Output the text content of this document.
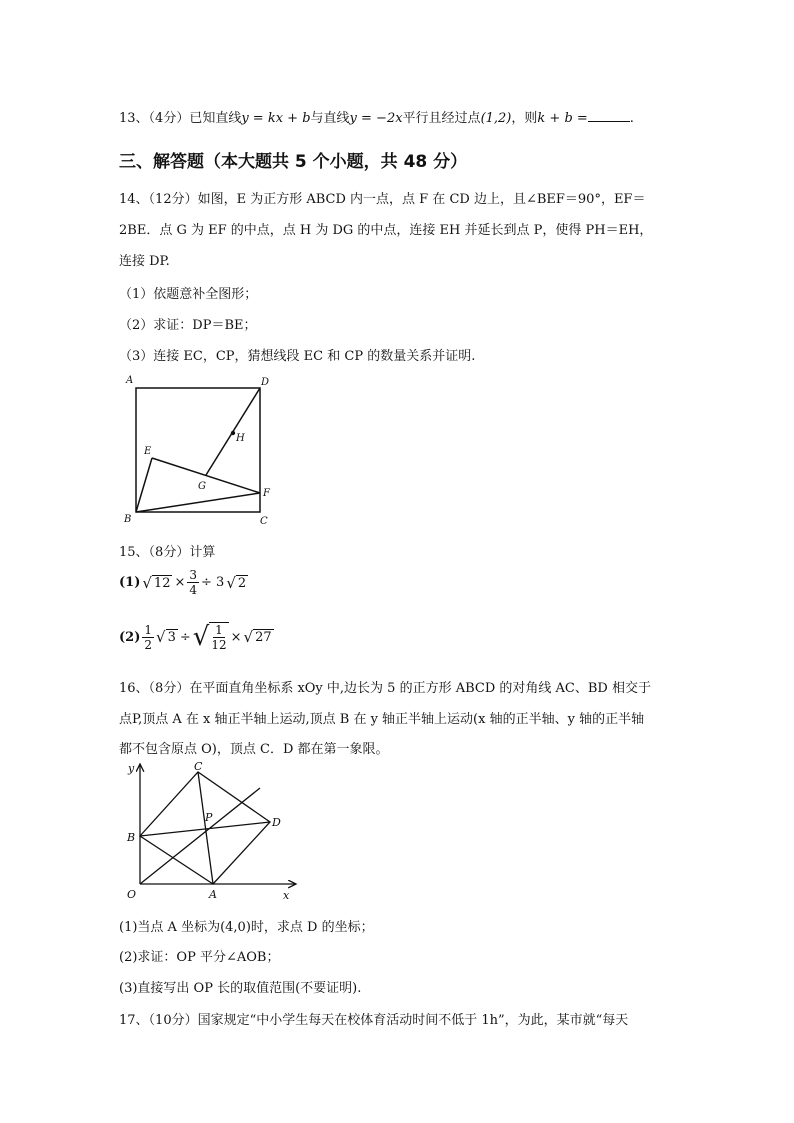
13、（4分）已知直线y = kx + b与直线y = −2x平行且经过点(1,2)，则k + b =	.
三、解答题（本大题共 5 个小题，共 48 分）
14、（12分）如图，E 为正方形 ABCD 内一点，点 F 在 CD 边上，且∠BEF＝90°，EF＝
2BE．点 G 为 EF 的中点，点 H 为 DG 的中点，连接 EH 并延长到点 P，使得 PH＝EH，
连接 DP.
（1）依题意补全图形；
（2）求证：DP＝BE；
（3）连接 EC，CP，猜想线段 EC 和 CP 的数量关系并证明.
A	D
H
E
G
F
B	C
15、（8分）计算
(1) √ $12 \times \frac{3}{4} \div 3$ √ 2
$(2) \frac{1}{2}$ √ 3 ÷ √ $\frac{1}{12}$ × √ 27
16、（8分）在平面直角坐标系 xOy 中,边长为 5 的正方形 ABCD 的对角线 AC、BD 相交于
点P,顶点 A 在 x 轴正半轴上运动,顶点 B 在 y 轴正半轴上运动(x 轴的正半轴、y 轴的正半轴
都不包含原点 O)，顶点 C．D 都在第一象限。
y	C
B
P	D
O	A	x
(1)当点 A 坐标为(4,0)时，求点 D 的坐标；
(2)求证：OP 平分∠AOB；
(3)直接写出 OP 长的取值范围(不要证明).
17、（10分）国家规定“中小学生每天在校体育活动时间不低于 1h”，为此，某市就“每天
